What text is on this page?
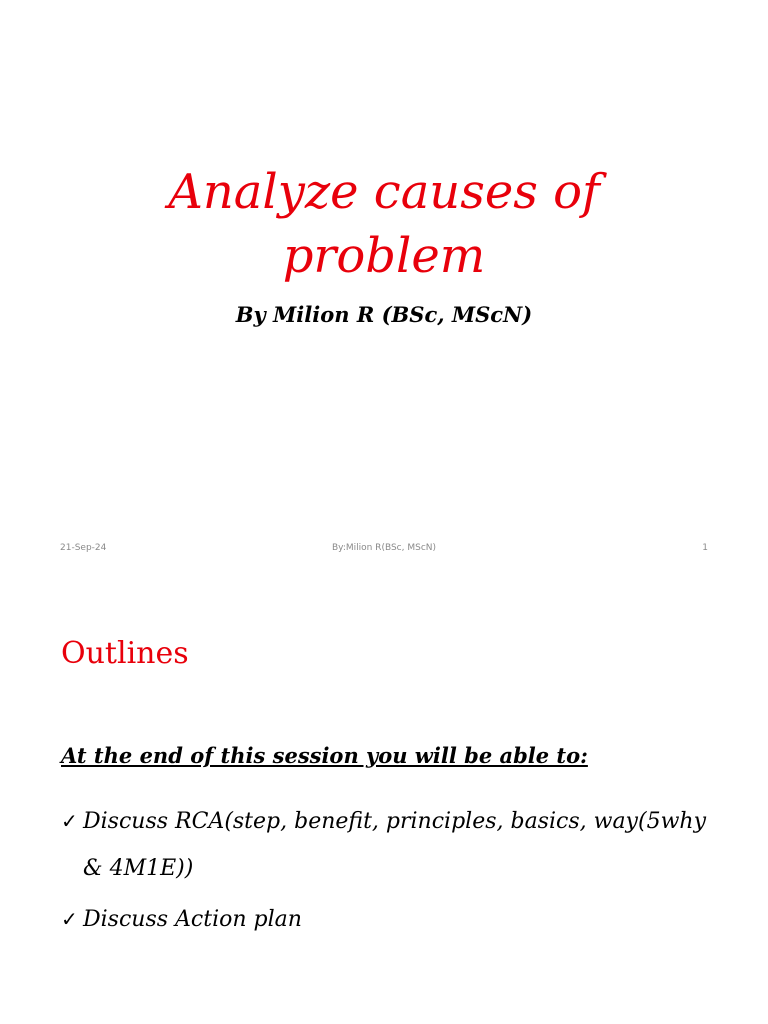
Analyze causes of
problem
By Milion R (BSc, MScN)
21-Sep-24	By:Milion R(BSc, MScN)	1
Outlines
At the end of this session you will be able to:
✓ Discuss RCA(step, benefit, principles, basics, way(5why & 4M1E))
✓ Discuss Action plan
